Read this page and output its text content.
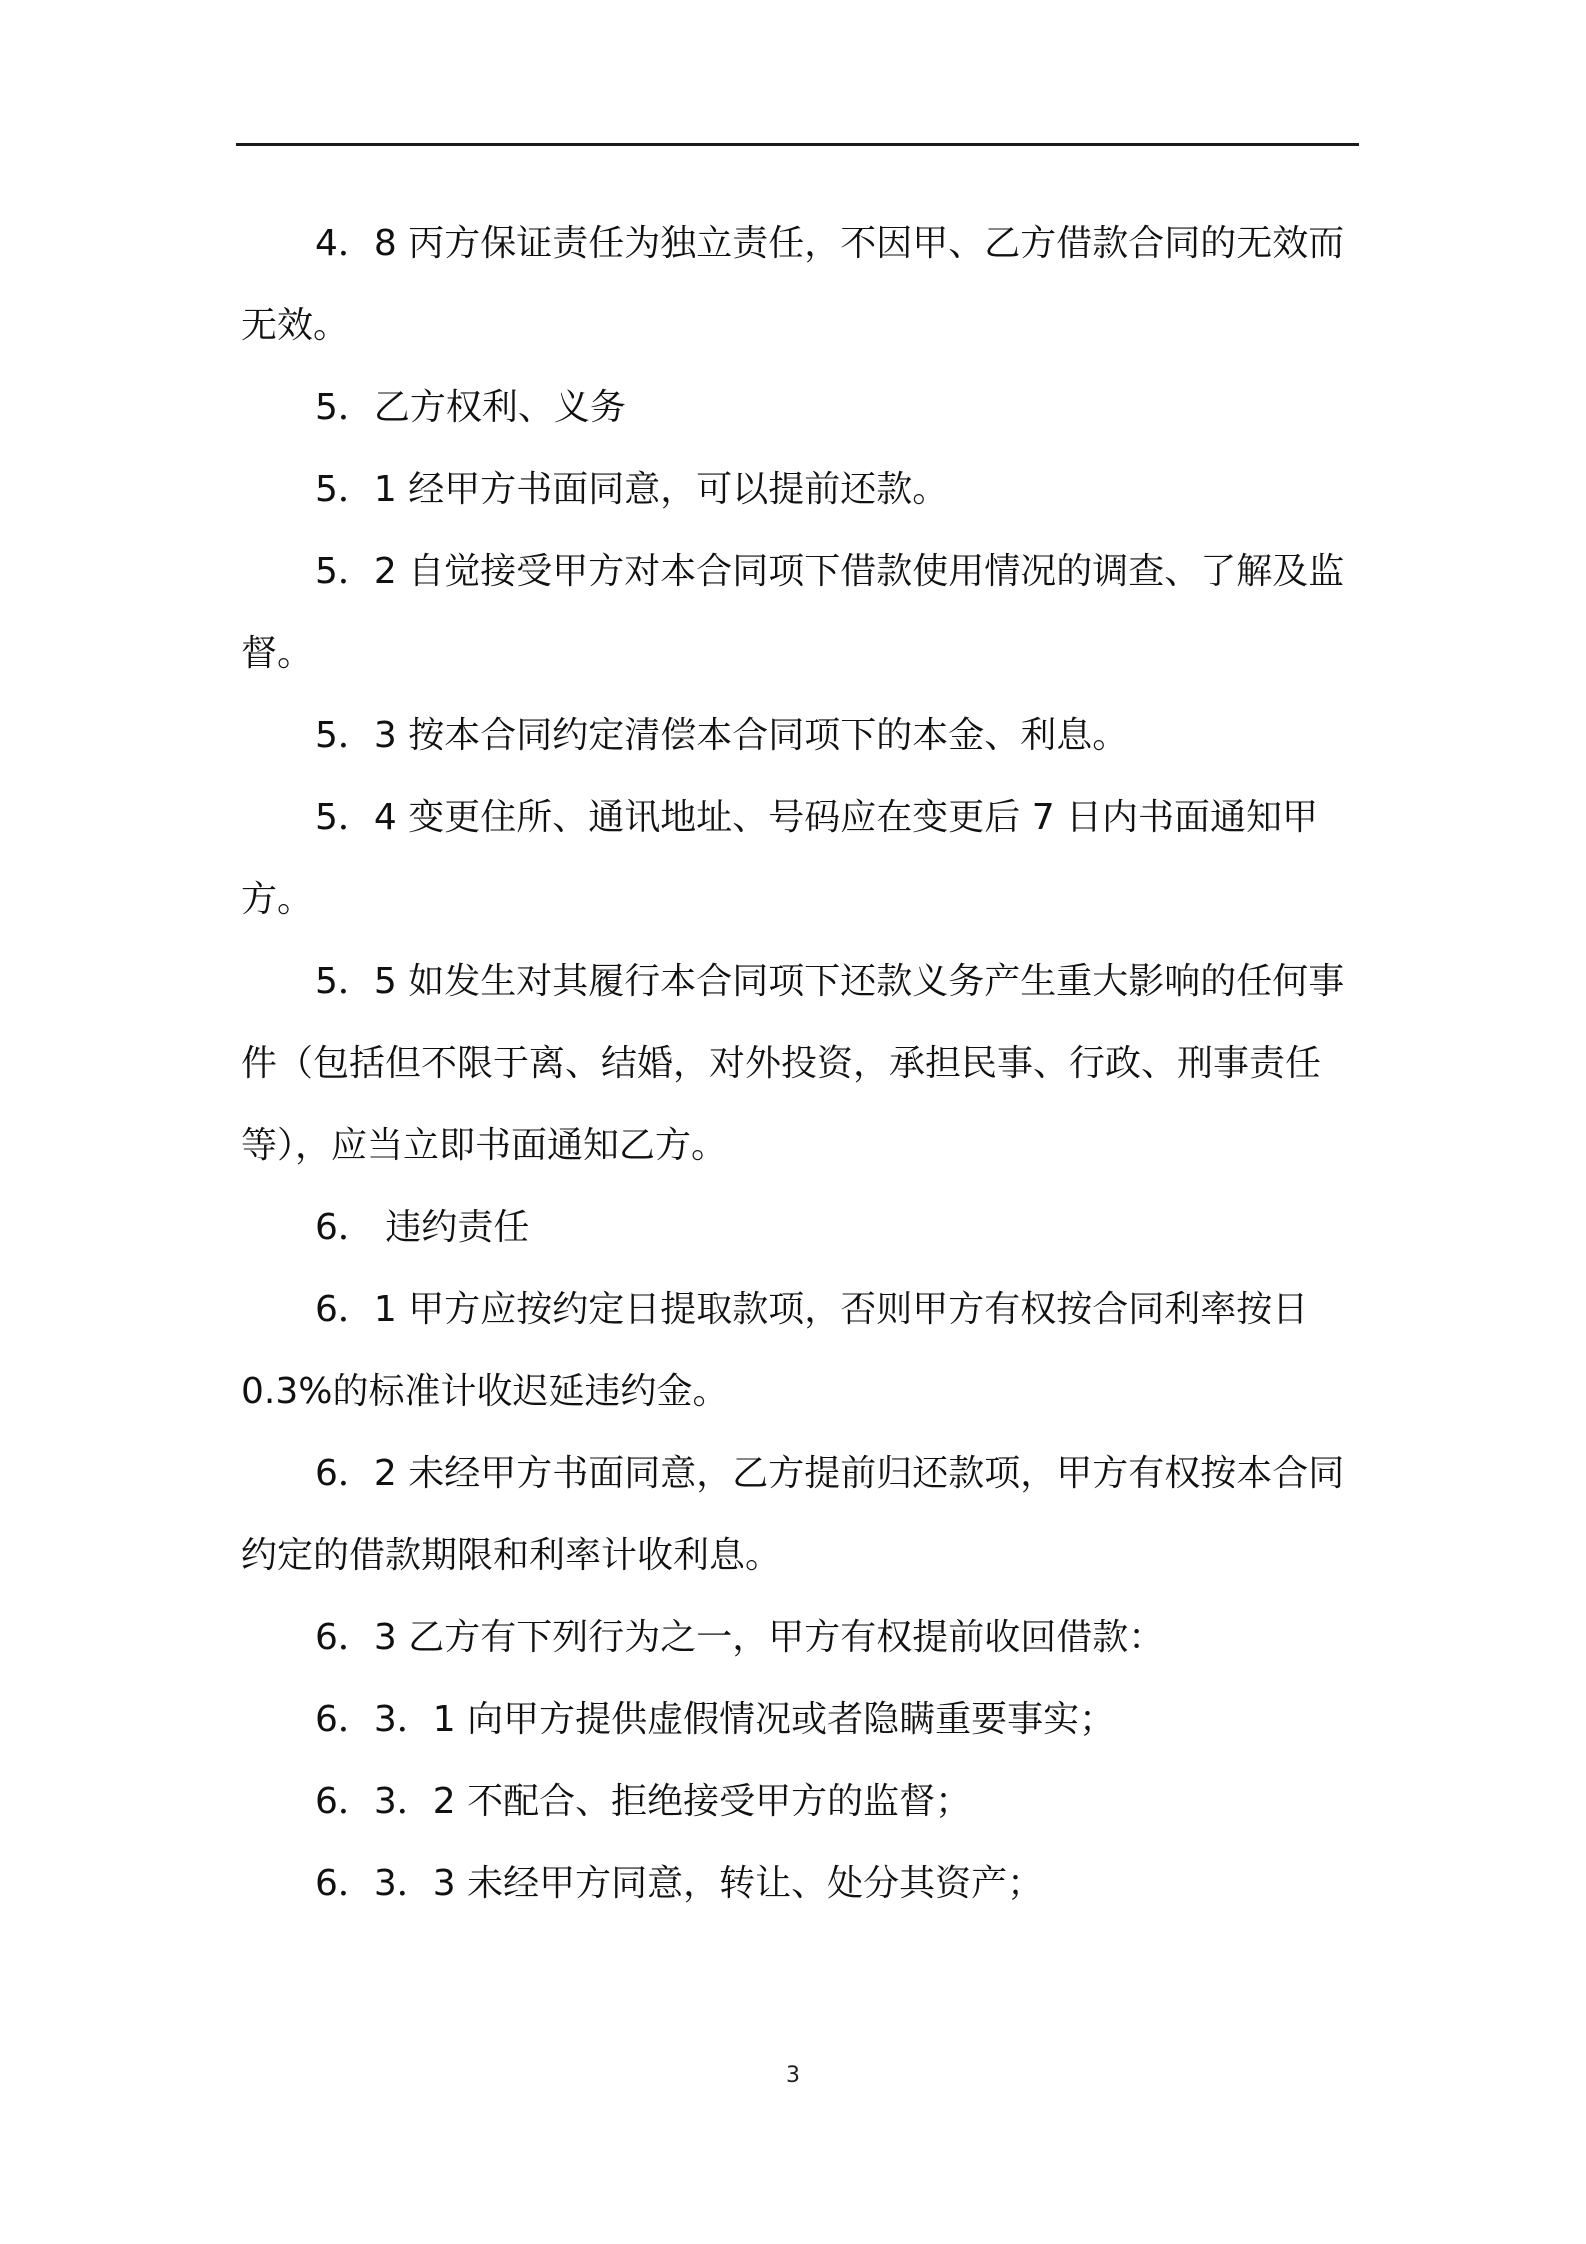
4．8 丙方保证责任为独立责任，不因甲、乙方借款合同的无效而无效。

5．乙方权利、义务

5．1 经甲方书面同意，可以提前还款。

5．2 自觉接受甲方对本合同项下借款使用情况的调查、了解及监督。

5．3 按本合同约定清偿本合同项下的本金、利息。

5．4 变更住所、通讯地址、号码应在变更后 7 日内书面通知甲方。

5．5 如发生对其履行本合同项下还款义务产生重大影响的任何事件（包括但不限于离、结婚，对外投资，承担民事、行政、刑事责任等），应当立即书面通知乙方。

6． 违约责任

6．1 甲方应按约定日提取款项，否则甲方有权按合同利率按日 0.3%的标准计收迟延违约金。

6．2 未经甲方书面同意，乙方提前归还款项，甲方有权按本合同约定的借款期限和利率计收利息。

6．3 乙方有下列行为之一，甲方有权提前收回借款：

6．3．1 向甲方提供虚假情况或者隐瞒重要事实；

6．3．2 不配合、拒绝接受甲方的监督；

6．3．3 未经甲方同意，转让、处分其资产；

3
